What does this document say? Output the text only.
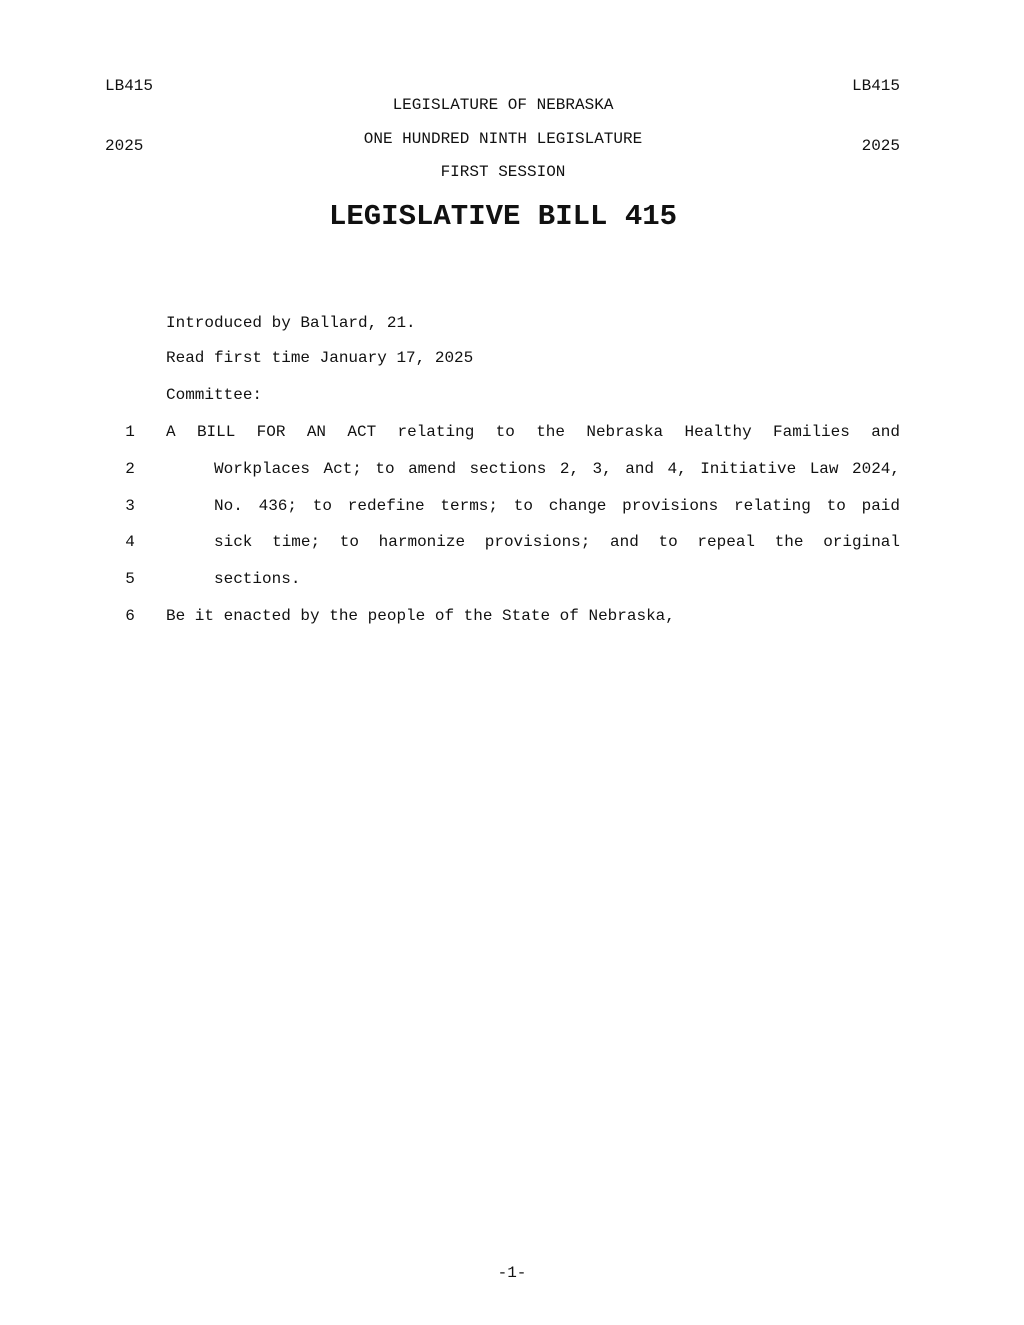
LB415

2025

LB415

2025

LEGISLATURE OF NEBRASKA
ONE HUNDRED NINTH LEGISLATURE
FIRST SESSION
LEGISLATIVE BILL 415
Introduced by Ballard, 21.
Read first time January 17, 2025
Committee:
1	A BILL FOR AN ACT relating to the Nebraska Healthy Families and
2	Workplaces Act; to amend sections 2, 3, and 4, Initiative Law 2024,
3	No. 436; to redefine terms; to change provisions relating to paid
4	sick time; to harmonize provisions; and to repeal the original
5	sections.
6	Be it enacted by the people of the State of Nebraska,
-1-
